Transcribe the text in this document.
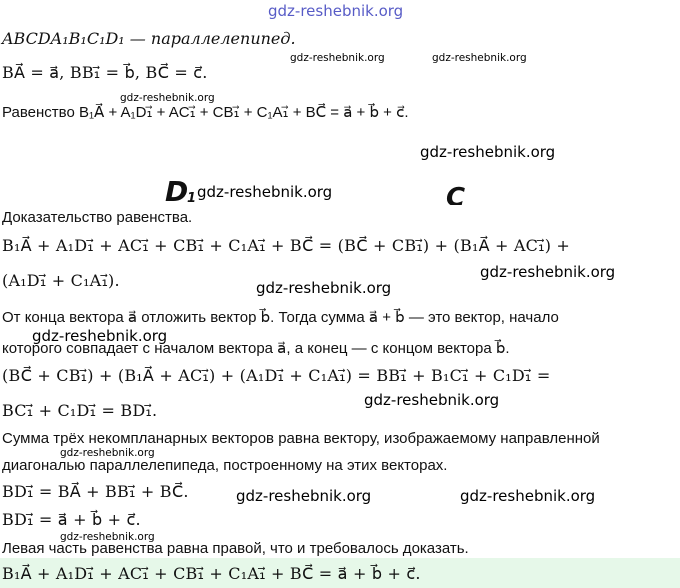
gdz-reshebnik.org
ABCDA₁B₁C₁D₁ — параллелепипед.
BA⃗ = a⃗, BB₁⃗ = b⃗, BC⃗ = c⃗.
Равенство B₁A⃗ + A₁D₁⃗ + AC₁⃗ + CB₁⃗ + C₁A₁⃗ + BC⃗ = a⃗ + b⃗ + c⃗.
Доказательство равенства.
B₁A⃗ + A₁D₁⃗ + AC₁⃗ + CB₁⃗ + C₁A₁⃗ + BC⃗ = (BC⃗ + CB₁⃗) + (B₁A⃗ + AC₁⃗) +
(A₁D₁⃗ + C₁A₁⃗).
От конца вектора a⃗ отложить вектор b⃗. Тогда сумма a⃗ + b⃗ — это вектор, начало
которого совпадает с началом вектора a⃗, а конец — с концом вектора b⃗.
(BC⃗ + CB₁⃗) + (B₁A⃗ + AC₁⃗) + (A₁D₁⃗ + C₁A₁⃗) = BB₁⃗ + B₁C₁⃗ + C₁D₁⃗ =
BC₁⃗ + C₁D₁⃗ = BD₁⃗.
Сумма трёх некомпланарных векторов равна вектору, изображаемому направленной
диагональю параллелепипеда, построенному на этих векторах.
BD₁⃗ = BA⃗ + BB₁⃗ + BC⃗.
BD₁⃗ = a⃗ + b⃗ + c⃗.
Левая часть равенства равна правой, что и требовалось доказать.
B₁A⃗ + A₁D₁⃗ + AC₁⃗ + CB₁⃗ + C₁A₁⃗ + BC⃗ = a⃗ + b⃗ + c⃗.
D
1	C
gdz-reshebnik.org	gdz-reshebnik.org
gdz-reshebnik.org
gdz-reshebnik.org
gdz-reshebnik.org
gdz-reshebnik.org
gdz-reshebnik.org
gdz-reshebnik.org
gdz-reshebnik.org
gdz-reshebnik.org
gdz-reshebnik.org	gdz-reshebnik.org
gdz-reshebnik.org
